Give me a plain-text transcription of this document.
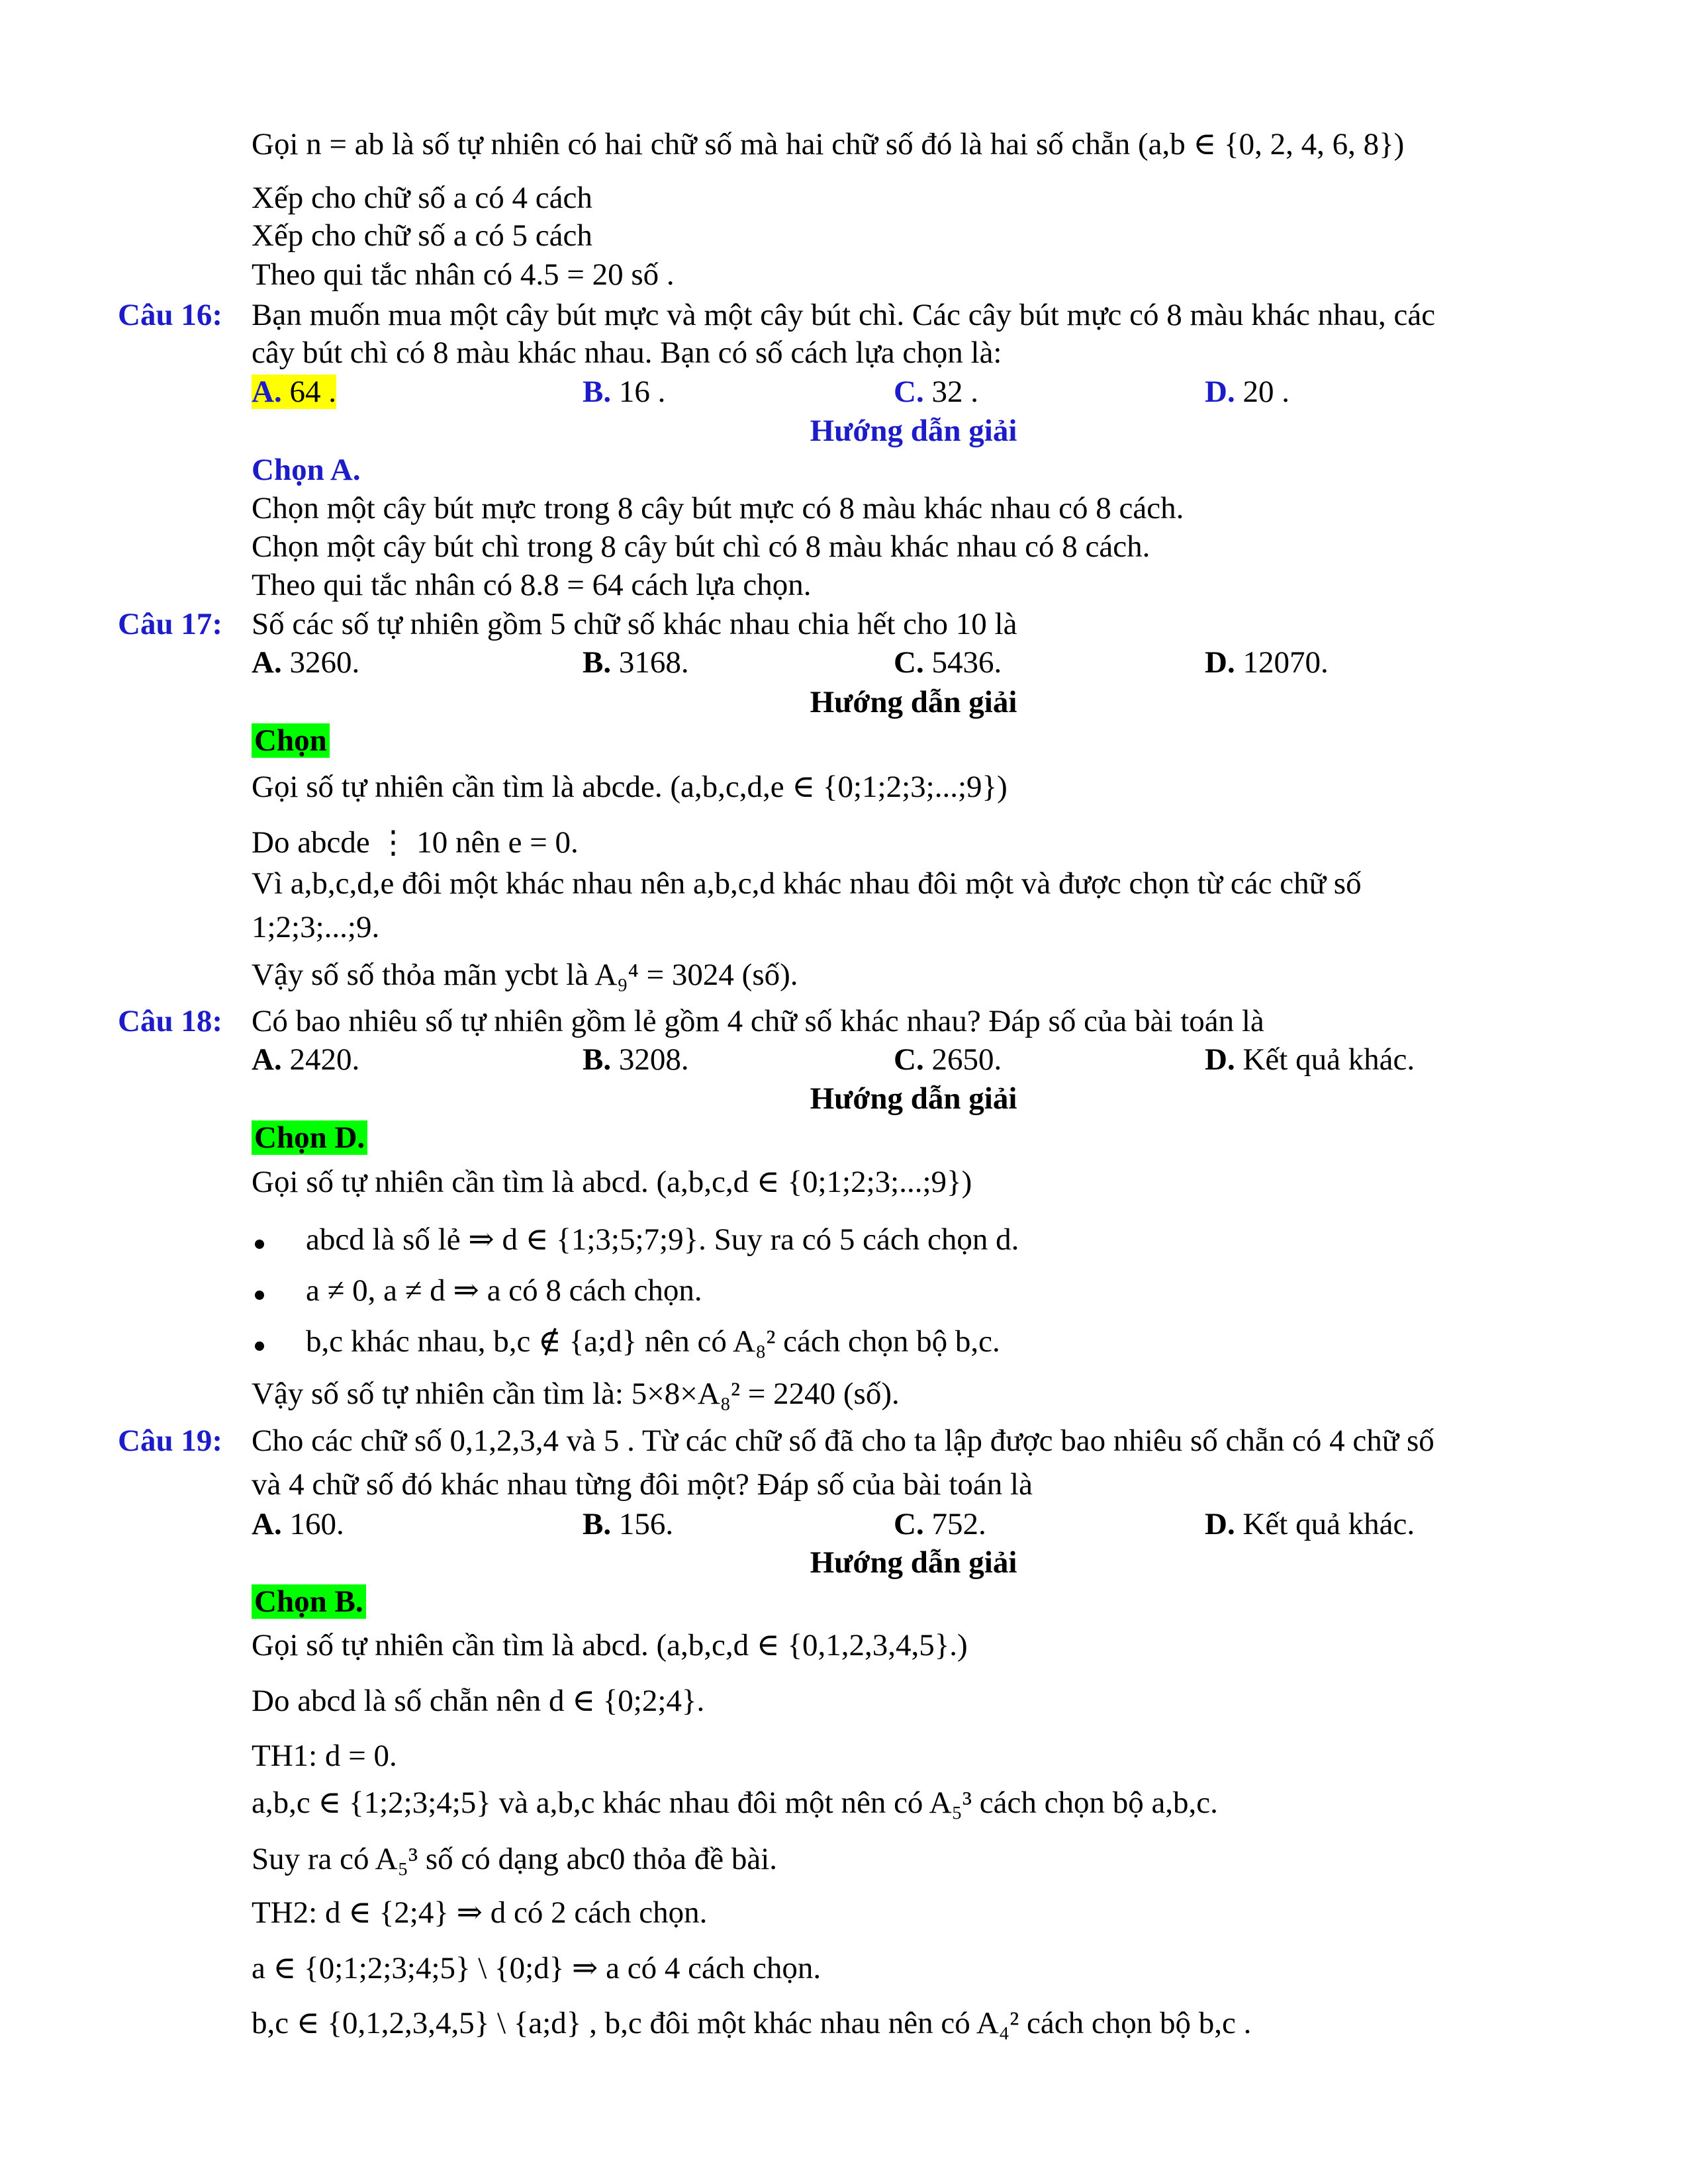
Gọi n = ab là số tự nhiên có hai chữ số mà hai chữ số đó là hai số chẵn (a,b ∈ {0, 2, 4, 6, 8})
Xếp cho chữ số a có 4 cách
Xếp cho chữ số a có 5 cách
Theo qui tắc nhân có 4.5 = 20 số .
Câu 16: Bạn muốn mua một cây bút mực và một cây bút chì. Các cây bút mực có 8 màu khác nhau, các
cây bút chì có 8 màu khác nhau. Bạn có số cách lựa chọn là:
A. 64 .	B. 16 .	C. 32 .	D. 20 .
Hướng dẫn giải
Chọn A.
Chọn một cây bút mực trong 8 cây bút mực có 8 màu khác nhau có 8 cách.
Chọn một cây bút chì trong 8 cây bút chì có 8 màu khác nhau có 8 cách.
Theo qui tắc nhân có 8.8 = 64 cách lựa chọn.
Câu 17: Số các số tự nhiên gồm 5 chữ số khác nhau chia hết cho 10 là
A. 3260.	B. 3168.	C. 5436.	D. 12070.
Hướng dẫn giải
Chọn
Gọi số tự nhiên cần tìm là abcde. (a,b,c,d,e ∈ {0;1;2;3;...;9})
Do abcde ⋮ 10 nên e = 0.
Vì a,b,c,d,e đôi một khác nhau nên a,b,c,d khác nhau đôi một và được chọn từ các chữ số
1;2;3;...;9.
Vậy số số thỏa mãn ycbt là A₉⁴ = 3024 (số).
Câu 18: Có bao nhiêu số tự nhiên gồm lẻ gồm 4 chữ số khác nhau? Đáp số của bài toán là
A. 2420.	B. 3208.	C. 2650.	D. Kết quả khác.
Hướng dẫn giải
Chọn D.
Gọi số tự nhiên cần tìm là abcd. (a,b,c,d ∈ {0;1;2;3;...;9})
abcd là số lẻ ⇒ d ∈ {1;3;5;7;9}. Suy ra có 5 cách chọn d.
a ≠ 0, a ≠ d ⇒ a có 8 cách chọn.
b,c khác nhau, b,c ∉ {a;d} nên có A₈² cách chọn bộ b,c.
Vậy số số tự nhiên cần tìm là: 5×8×A₈² = 2240 (số).
Câu 19: Cho các chữ số 0,1,2,3,4 và 5 . Từ các chữ số đã cho ta lập được bao nhiêu số chẵn có 4 chữ số
và 4 chữ số đó khác nhau từng đôi một? Đáp số của bài toán là
A. 160.	B. 156.	C. 752.	D. Kết quả khác.
Hướng dẫn giải
Chọn B.
Gọi số tự nhiên cần tìm là abcd. (a,b,c,d ∈ {0,1,2,3,4,5}.)
Do abcd là số chẵn nên d ∈ {0;2;4}.
TH1: d = 0.
a,b,c ∈ {1;2;3;4;5} và a,b,c khác nhau đôi một nên có A₅³ cách chọn bộ a,b,c.
Suy ra có A₅³ số có dạng abc0 thỏa đề bài.
TH2: d ∈ {2;4} ⇒ d có 2 cách chọn.
a ∈ {0;1;2;3;4;5} \ {0;d} ⇒ a có 4 cách chọn.
b,c ∈ {0,1,2,3,4,5} \ {a;d} , b,c đôi một khác nhau nên có A₄² cách chọn bộ b,c .
